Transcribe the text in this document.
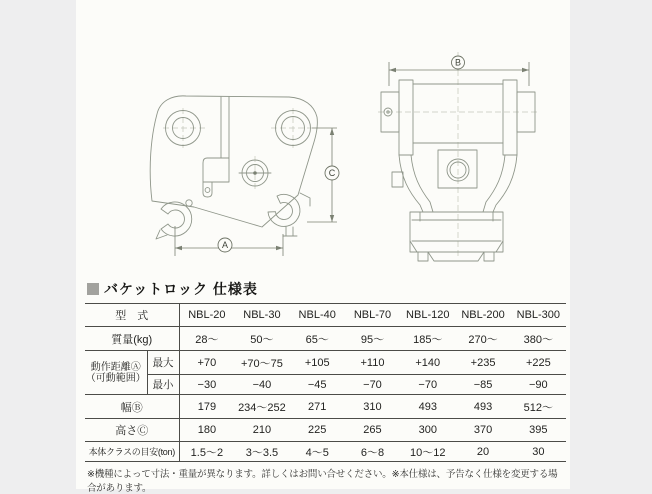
A
C
B
バケットロック 仕様表
型　式		NBL-20	NBL-30	NBL-40	NBL-70	NBL-120	NBL-200	NBL-300
質量(kg)		28〜	50〜	65〜	95〜	185〜	270〜	380〜

動作距離Ⓐ
（可動範囲）	最大	+70	+70〜75	+105	+110	+140	+235	+225
	最小	−30	−40	−45	−70	−70	−85	−90
幅Ⓑ		179	234〜252	271	310	493	493	512〜
高さⒸ		180	210	225	265	300	370	395
本体クラスの目安(ton)		1.5〜2	3〜3.5	4〜5	6〜8	10〜12	20	30
※機種によって寸法・重量が異なります。詳しくはお問い合せください。※本仕様は、予告なく仕様を変更する場合があります。
